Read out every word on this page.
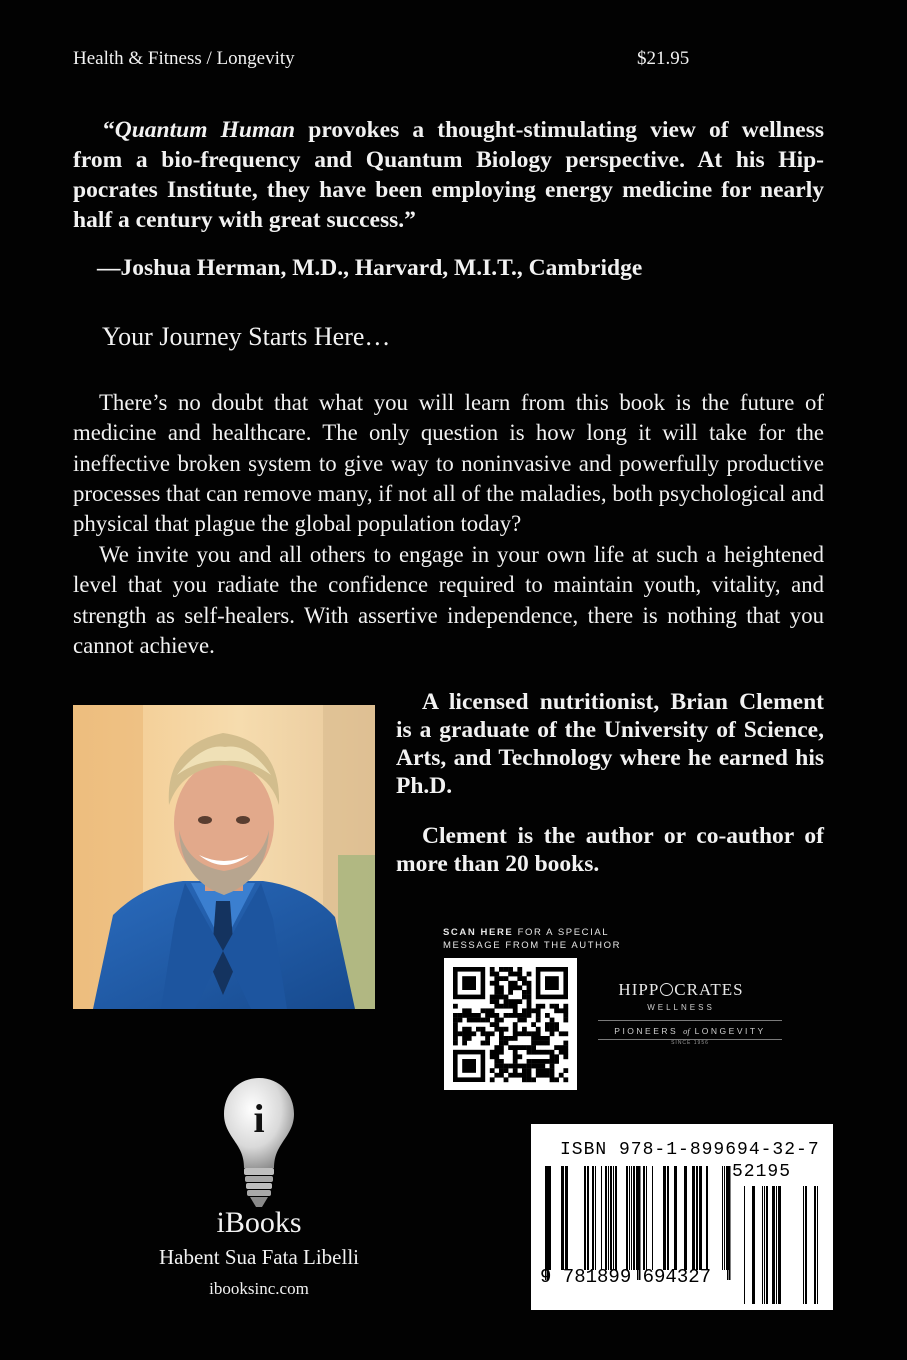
Health & Fitness / Longevity	$21.95
“Quantum Human provokes a thought-stimulating view of wellness from a bio-frequency and Quantum Biology perspective. At his Hippocrates Institute, they have been employing energy medicine for nearly half a century with great success.”
—Joshua Herman, M.D., Harvard, M.I.T., Cambridge
Your Journey Starts Here…

There’s no doubt that what you will learn from this book is the future of medicine and healthcare. The only question is how long it will take for the ineffective broken system to give way to noninvasive and powerfully productive processes that can remove many, if not all of the maladies, both psychological and physical that plague the global population today?

We invite you and all others to engage in your own life at such a heightened level that you radiate the confidence required to maintain youth, vitality, and strength as self-healers. With assertive independence, there is nothing that you cannot achieve.

A licensed nutritionist, Brian Clement is a graduate of the University of Science, Arts, and Technology where he earned his Ph.D.

Clement is the author or co-author of more than 20 books.

SCAN HERE FOR A SPECIAL
MESSAGE FROM THE AUTHOR
HIPP CRATES
WELLNESS
PIONEERS of LONGEVITY
SINCE 1956
i
iBooks
Habent Sua Fata Libelli
ibooksinc.com
ISBN 978-1-899694-32-7
52195
9 781899 694327
